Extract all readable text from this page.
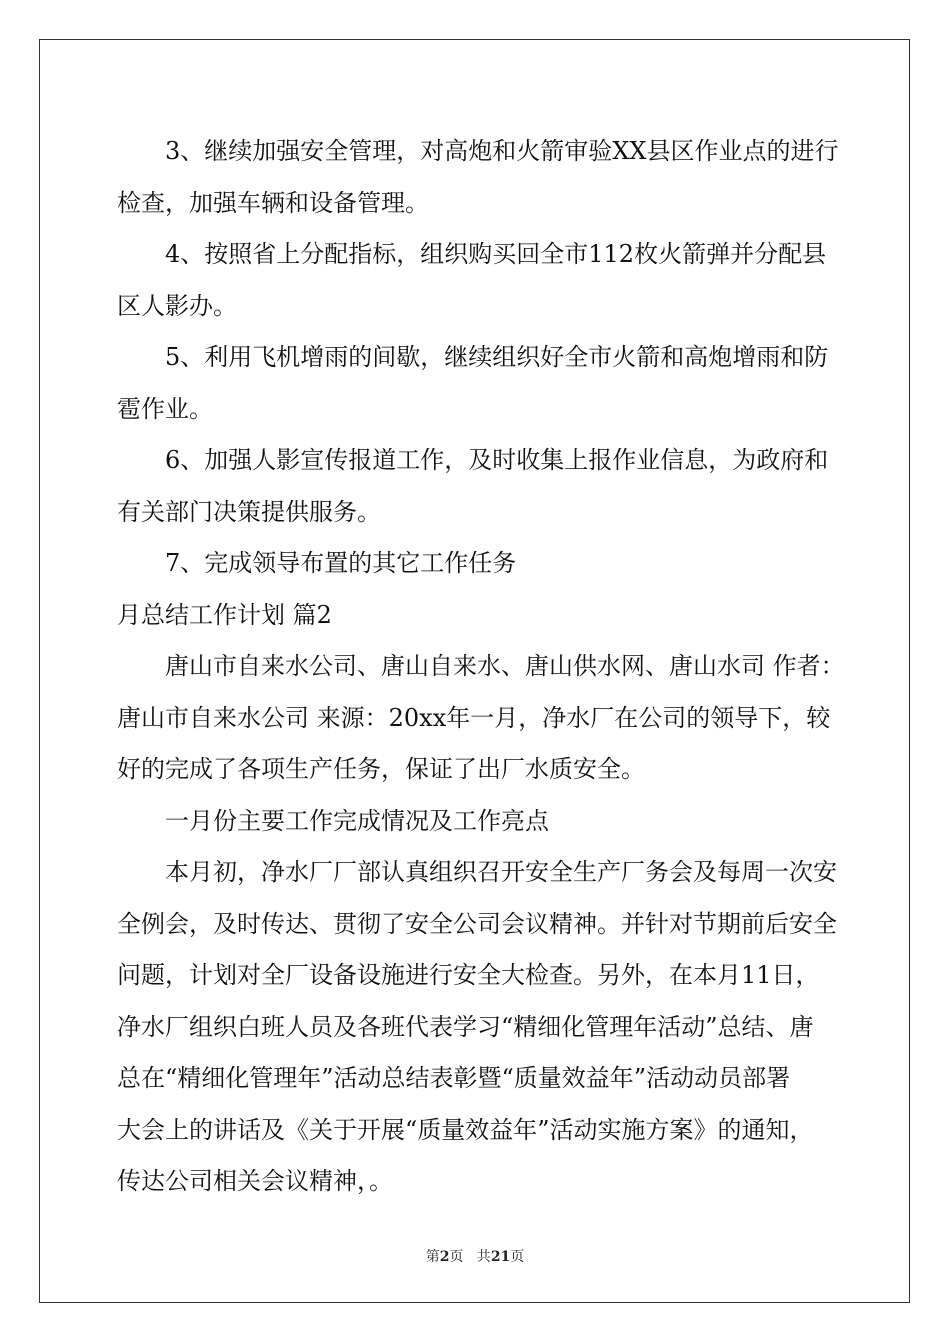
3、继续加强安全管理，对高炮和火箭审验XX县区作业点的进行
检查，加强车辆和设备管理。
4、按照省上分配指标，组织购买回全市112枚火箭弹并分配县
区人影办。
5、利用飞机增雨的间歇，继续组织好全市火箭和高炮增雨和防
雹作业。
6、加强人影宣传报道工作，及时收集上报作业信息，为政府和
有关部门决策提供服务。
7、完成领导布置的其它工作任务
月总结工作计划 篇2
唐山市自来水公司、唐山自来水、唐山供水网、唐山水司 作者：
唐山市自来水公司 来源：20xx年一月，净水厂在公司的领导下，较
好的完成了各项生产任务，保证了出厂水质安全。
一月份主要工作完成情况及工作亮点
本月初，净水厂厂部认真组织召开安全生产厂务会及每周一次安
全例会，及时传达、贯彻了安全公司会议精神。并针对节期前后安全
问题，计划对全厂设备设施进行安全大检查。另外，在本月11日，
净水厂组织白班人员及各班代表学习“精细化管理年活动”总结、唐
总在“精细化管理年”活动总结表彰暨“质量效益年”活动动员部署
大会上的讲话及《关于开展“质量效益年”活动实施方案》的通知，
传达公司相关会议精神，。
第2页   共21页
